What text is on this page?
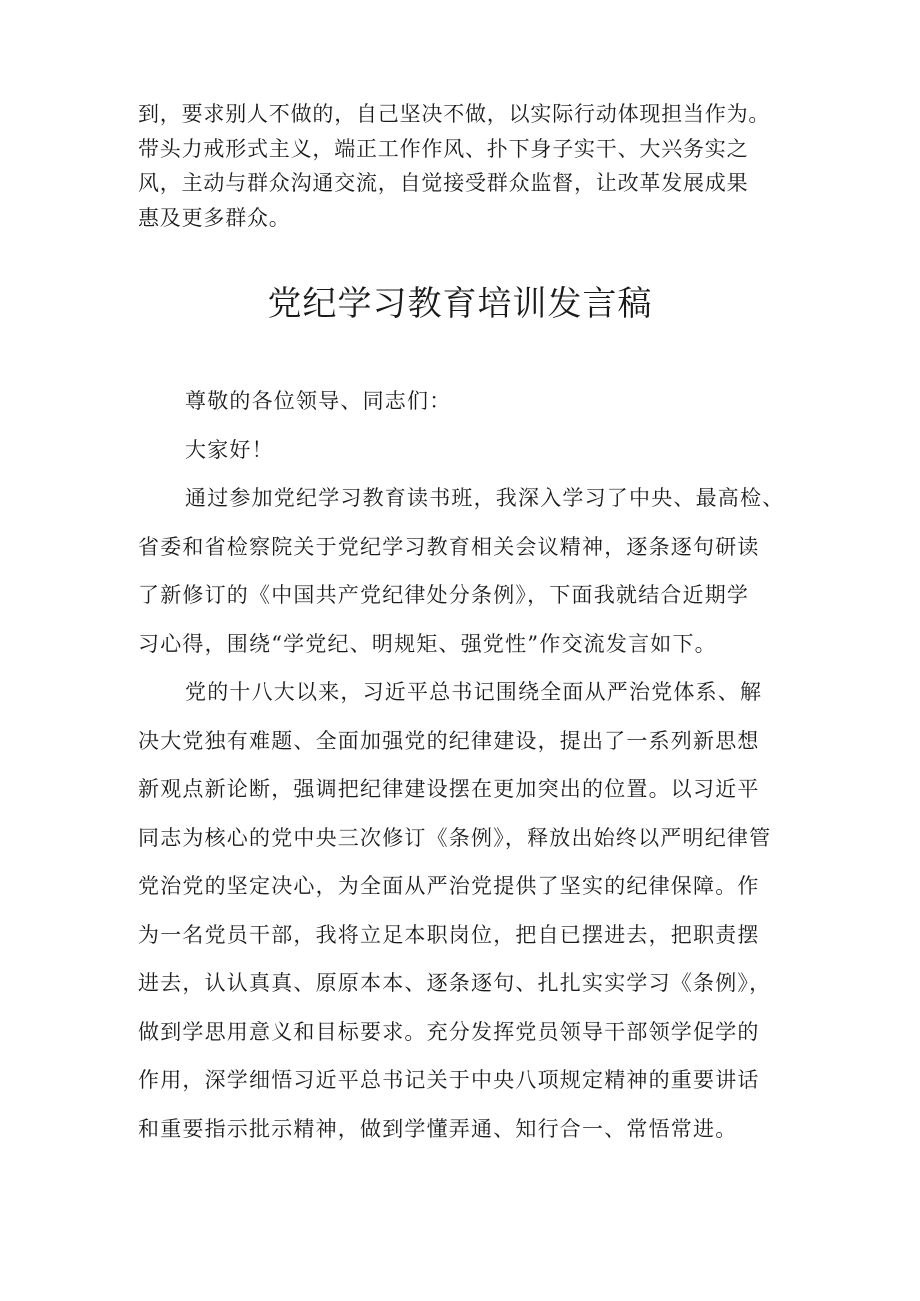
到，要求别人不做的，自己坚决不做，以实际行动体现担当作为。
带头力戒形式主义，端正工作作风、扑下身子实干、大兴务实之
风，主动与群众沟通交流，自觉接受群众监督，让改革发展成果
惠及更多群众。
党纪学习教育培训发言稿
尊敬的各位领导、同志们：
大家好！
通过参加党纪学习教育读书班，我深入学习了中央、最高检、
省委和省检察院关于党纪学习教育相关会议精神，逐条逐句研读
了新修订的《中国共产党纪律处分条例》，下面我就结合近期学
习心得，围绕“学党纪、明规矩、强党性”作交流发言如下。
党的十八大以来，习近平总书记围绕全面从严治党体系、解
决大党独有难题、全面加强党的纪律建设，提出了一系列新思想
新观点新论断，强调把纪律建设摆在更加突出的位置。以习近平
同志为核心的党中央三次修订《条例》，释放出始终以严明纪律管
党治党的坚定决心，为全面从严治党提供了坚实的纪律保障。作
为一名党员干部，我将立足本职岗位，把自已摆进去，把职责摆
进去，认认真真、原原本本、逐条逐句、扎扎实实学习《条例》，
做到学思用意义和目标要求。充分发挥党员领导干部领学促学的
作用，深学细悟习近平总书记关于中央八项规定精神的重要讲话
和重要指示批示精神，做到学懂弄通、知行合一、常悟常进。
